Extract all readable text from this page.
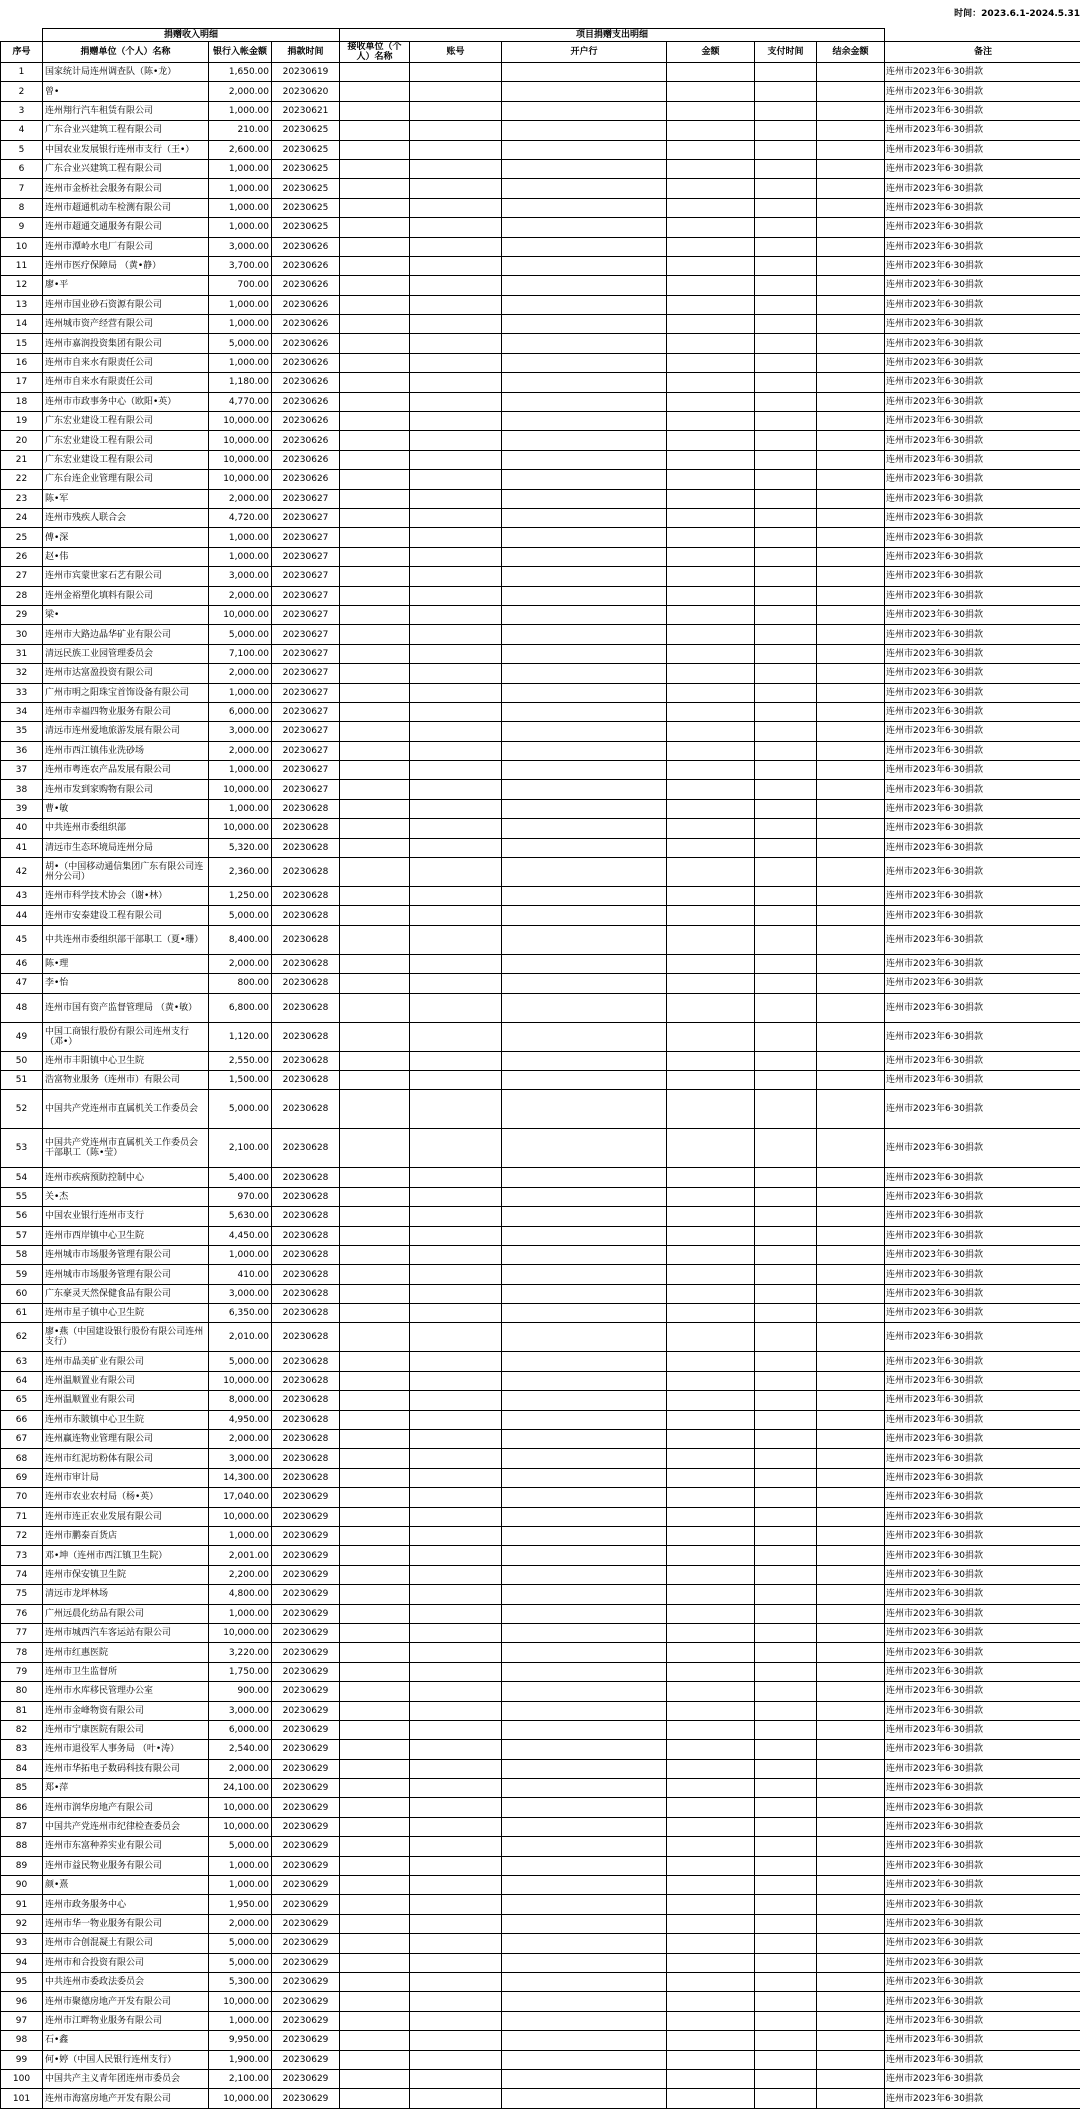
时间：2023.6.1-2024.5.31
	捐赠收入明细			项目捐赠支出明细						
序号	捐赠单位（个人）名称	银行入帐金额	捐款时间	接收单位（个人）名称	账号	开户行	金额	支付时间	结余金额	备注
1	国家统计局连州调查队（陈•龙）	1,650.00	20230619							连州市2023年6·30捐款
2	曾•	2,000.00	20230620							连州市2023年6·30捐款
3	连州翔行汽车租赁有限公司	1,000.00	20230621							连州市2023年6·30捐款
4	广东合业兴建筑工程有限公司	210.00	20230625							连州市2023年6·30捐款
5	中国农业发展银行连州市支行（王•）	2,600.00	20230625							连州市2023年6·30捐款
6	广东合业兴建筑工程有限公司	1,000.00	20230625							连州市2023年6·30捐款
7	连州市金桥社会服务有限公司	1,000.00	20230625							连州市2023年6·30捐款
8	连州市超通机动车检测有限公司	1,000.00	20230625							连州市2023年6·30捐款
9	连州市超通交通服务有限公司	1,000.00	20230625							连州市2023年6·30捐款
10	连州市潭岭水电厂有限公司	3,000.00	20230626							连州市2023年6·30捐款
11	连州市医疗保障局 （黄•静）	3,700.00	20230626							连州市2023年6·30捐款
12	廖•平	700.00	20230626							连州市2023年6·30捐款
13	连州市国业砂石资源有限公司	1,000.00	20230626							连州市2023年6·30捐款
14	连州城市资产经营有限公司	1,000.00	20230626							连州市2023年6·30捐款
15	连州市嘉润投资集团有限公司	5,000.00	20230626							连州市2023年6·30捐款
16	连州市自来水有限责任公司	1,000.00	20230626							连州市2023年6·30捐款
17	连州市自来水有限责任公司	1,180.00	20230626							连州市2023年6·30捐款
18	连州市市政事务中心（欧阳•英）	4,770.00	20230626							连州市2023年6·30捐款
19	广东宏业建设工程有限公司	10,000.00	20230626							连州市2023年6·30捐款
20	广东宏业建设工程有限公司	10,000.00	20230626							连州市2023年6·30捐款
21	广东宏业建设工程有限公司	10,000.00	20230626							连州市2023年6·30捐款
22	广东台连企业管理有限公司	10,000.00	20230626							连州市2023年6·30捐款
23	陈•军	2,000.00	20230627							连州市2023年6·30捐款
24	连州市残疾人联合会	4,720.00	20230627							连州市2023年6·30捐款
25	傅•深	1,000.00	20230627							连州市2023年6·30捐款
26	赵•伟	1,000.00	20230627							连州市2023年6·30捐款
27	连州市宾蒙世家石艺有限公司	3,000.00	20230627							连州市2023年6·30捐款
28	连州金裕塑化填料有限公司	2,000.00	20230627							连州市2023年6·30捐款
29	梁•	10,000.00	20230627							连州市2023年6·30捐款
30	连州市大路边晶华矿业有限公司	5,000.00	20230627							连州市2023年6·30捐款
31	清远民族工业园管理委员会	7,100.00	20230627							连州市2023年6·30捐款
32	连州市达富盈投资有限公司	2,000.00	20230627							连州市2023年6·30捐款
33	广州市明之阳珠宝首饰设备有限公司	1,000.00	20230627							连州市2023年6·30捐款
34	连州市幸福四物业服务有限公司	6,000.00	20230627							连州市2023年6·30捐款
35	清远市连州爱地旅游发展有限公司	3,000.00	20230627							连州市2023年6·30捐款
36	连州市西江镇伟业洗砂场	2,000.00	20230627							连州市2023年6·30捐款
37	连州市粤连农产品发展有限公司	1,000.00	20230627							连州市2023年6·30捐款
38	连州市发到家购物有限公司	10,000.00	20230627							连州市2023年6·30捐款
39	曹•敏	1,000.00	20230628							连州市2023年6·30捐款
40	中共连州市委组织部	10,000.00	20230628							连州市2023年6·30捐款
41	清远市生态环境局连州分局	5,320.00	20230628							连州市2023年6·30捐款
42	胡•（中国移动通信集团广东有限公司连州分公司）	2,360.00	20230628							连州市2023年6·30捐款
43	连州市科学技术协会（谢•林）	1,250.00	20230628							连州市2023年6·30捐款
44	连州市安泰建设工程有限公司	5,000.00	20230628							连州市2023年6·30捐款
45	中共连州市委组织部干部职工（夏•珊）	8,400.00	20230628							连州市2023年6·30捐款
46	陈•理	2,000.00	20230628							连州市2023年6·30捐款
47	李•怡	800.00	20230628							连州市2023年6·30捐款
48	连州市国有资产监督管理局 （黄•敏）	6,800.00	20230628							连州市2023年6·30捐款
49	中国工商银行股份有限公司连州支行（邓•）	1,120.00	20230628							连州市2023年6·30捐款
50	连州市丰阳镇中心卫生院	2,550.00	20230628							连州市2023年6·30捐款
51	浩富物业服务（连州市）有限公司	1,500.00	20230628							连州市2023年6·30捐款
52	中国共产党连州市直属机关工作委员会	5,000.00	20230628							连州市2023年6·30捐款
53	中国共产党连州市直属机关工作委员会干部职工（陈•莹）	2,100.00	20230628							连州市2023年6·30捐款
54	连州市疾病预防控制中心	5,400.00	20230628							连州市2023年6·30捐款
55	关•杰	970.00	20230628							连州市2023年6·30捐款
56	中国农业银行连州市支行	5,630.00	20230628							连州市2023年6·30捐款
57	连州市西岸镇中心卫生院	4,450.00	20230628							连州市2023年6·30捐款
58	连州城市市场服务管理有限公司	1,000.00	20230628							连州市2023年6·30捐款
59	连州城市市场服务管理有限公司	410.00	20230628							连州市2023年6·30捐款
60	广东豪灵天然保健食品有限公司	3,000.00	20230628							连州市2023年6·30捐款
61	连州市星子镇中心卫生院	6,350.00	20230628							连州市2023年6·30捐款
62	廖•燕（中国建设银行股份有限公司连州支行）	2,010.00	20230628							连州市2023年6·30捐款
63	连州市晶美矿业有限公司	5,000.00	20230628							连州市2023年6·30捐款
64	连州温顺置业有限公司	10,000.00	20230628							连州市2023年6·30捐款
65	连州温顺置业有限公司	8,000.00	20230628							连州市2023年6·30捐款
66	连州市东陂镇中心卫生院	4,950.00	20230628							连州市2023年6·30捐款
67	连州赢连物业管理有限公司	2,000.00	20230628							连州市2023年6·30捐款
68	连州市红泥坊粉体有限公司	3,000.00	20230628							连州市2023年6·30捐款
69	连州市审计局	14,300.00	20230628							连州市2023年6·30捐款
70	连州市农业农村局（杨•英）	17,040.00	20230629							连州市2023年6·30捐款
71	连州市连正农业发展有限公司	10,000.00	20230629							连州市2023年6·30捐款
72	连州市鹏泰百货店	1,000.00	20230629							连州市2023年6·30捐款
73	邓•坤（连州市西江镇卫生院）	2,001.00	20230629							连州市2023年6·30捐款
74	连州市保安镇卫生院	2,200.00	20230629							连州市2023年6·30捐款
75	清远市龙坪林场	4,800.00	20230629							连州市2023年6·30捐款
76	广州远晨化纺品有限公司	1,000.00	20230629							连州市2023年6·30捐款
77	连州市城西汽车客运站有限公司	10,000.00	20230629							连州市2023年6·30捐款
78	连州市红惠医院	3,220.00	20230629							连州市2023年6·30捐款
79	连州市卫生监督所	1,750.00	20230629							连州市2023年6·30捐款
80	连州市水库移民管理办公室	900.00	20230629							连州市2023年6·30捐款
81	连州市金峰物资有限公司	3,000.00	20230629							连州市2023年6·30捐款
82	连州市宁康医院有限公司	6,000.00	20230629							连州市2023年6·30捐款
83	连州市退役军人事务局 （叶•涛）	2,540.00	20230629							连州市2023年6·30捐款
84	连州市华拓电子数码科技有限公司	2,000.00	20230629							连州市2023年6·30捐款
85	郑•萍	24,100.00	20230629							连州市2023年6·30捐款
86	连州市润华房地产有限公司	10,000.00	20230629							连州市2023年6·30捐款
87	中国共产党连州市纪律检查委员会	10,000.00	20230629							连州市2023年6·30捐款
88	连州市东富种养实业有限公司	5,000.00	20230629							连州市2023年6·30捐款
89	连州市益民物业服务有限公司	1,000.00	20230629							连州市2023年6·30捐款
90	颜•熹	1,000.00	20230629							连州市2023年6·30捐款
91	连州市政务服务中心	1,950.00	20230629							连州市2023年6·30捐款
92	连州市华一物业服务有限公司	2,000.00	20230629							连州市2023年6·30捐款
93	连州市合创混凝土有限公司	5,000.00	20230629							连州市2023年6·30捐款
94	连州市和合投资有限公司	5,000.00	20230629							连州市2023年6·30捐款
95	中共连州市委政法委员会	5,300.00	20230629							连州市2023年6·30捐款
96	连州市聚德房地产开发有限公司	10,000.00	20230629							连州市2023年6·30捐款
97	连州市江畔物业服务有限公司	1,000.00	20230629							连州市2023年6·30捐款
98	石•鑫	9,950.00	20230629							连州市2023年6·30捐款
99	何•婷（中国人民银行连州支行）	1,900.00	20230629							连州市2023年6·30捐款
100	中国共产主义青年团连州市委员会	2,100.00	20230629							连州市2023年6·30捐款
101	连州市海富房地产开发有限公司	10,000.00	20230629							连州市2023年6·30捐款
